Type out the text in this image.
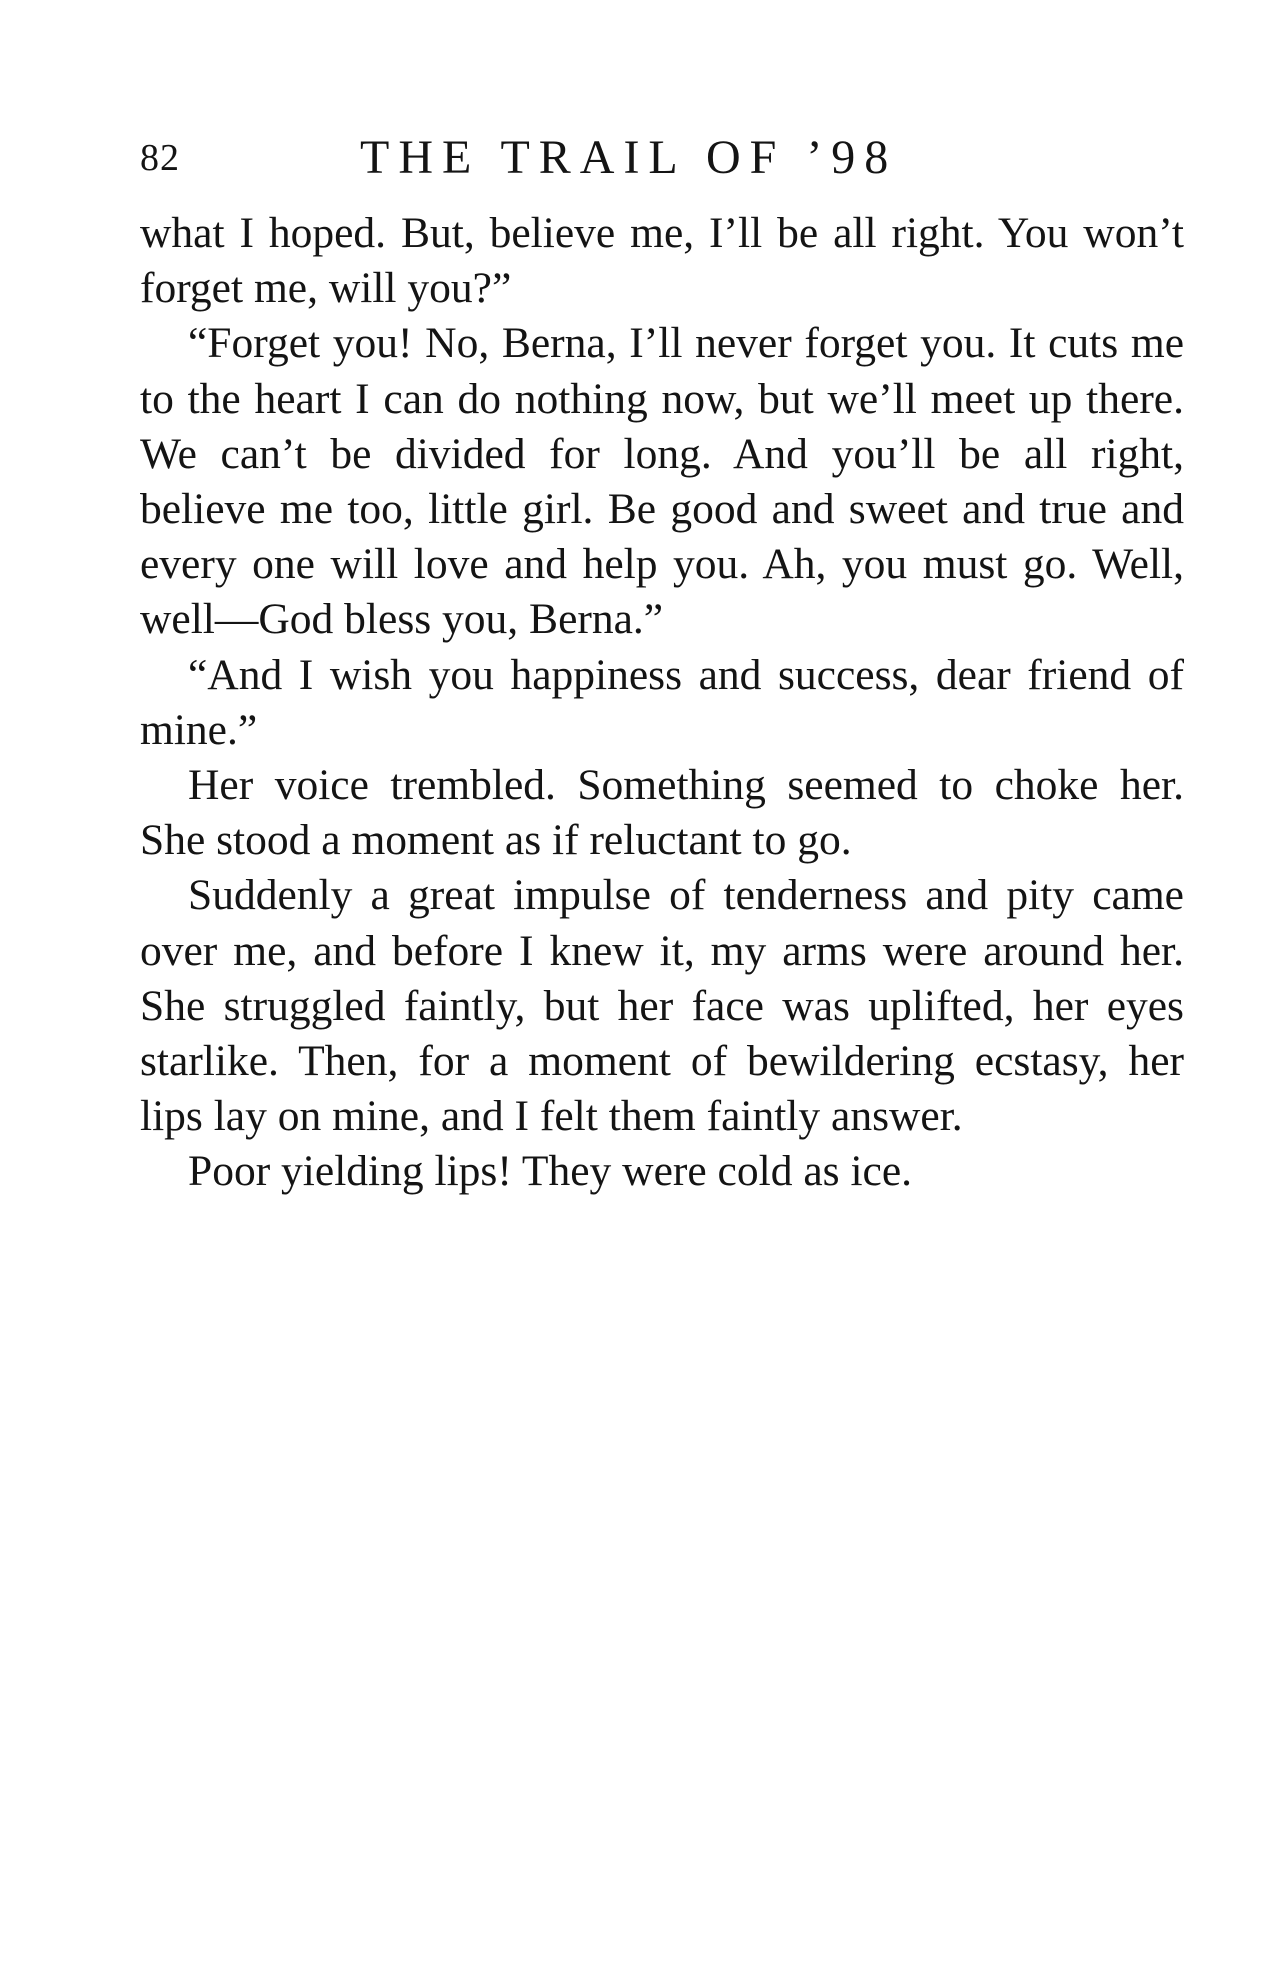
82	THE TRAIL OF ’98

what I hoped. But, believe me, I’ll be all right. You won’t forget me, will you?”

“Forget you! No, Berna, I’ll never forget you. It cuts me to the heart I can do nothing now, but we’ll meet up there. We can’t be divided for long. And you’ll be all right, believe me too, little girl. Be good and sweet and true and every one will love and help you. Ah, you must go. Well, well—God bless you, Berna.”

“And I wish you happiness and success, dear friend of mine.”

Her voice trembled. Something seemed to choke her. She stood a moment as if reluctant to go.

Suddenly a great impulse of tenderness and pity came over me, and before I knew it, my arms were around her. She struggled faintly, but her face was uplifted, her eyes starlike. Then, for a moment of bewildering ecstasy, her lips lay on mine, and I felt them faintly answer.

Poor yielding lips! They were cold as ice.
